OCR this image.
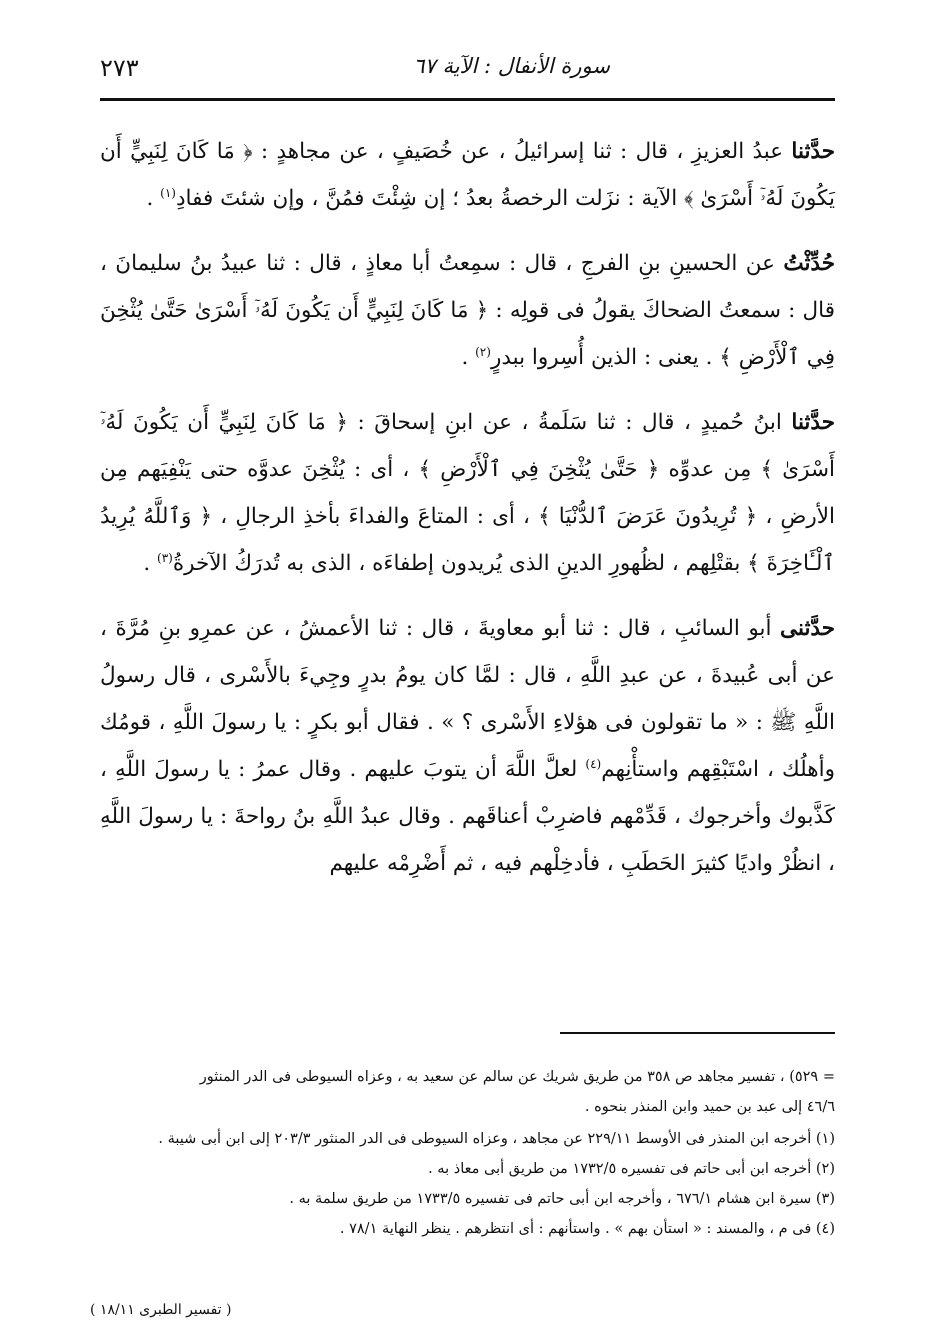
٢٧٣	سورة الأنفال : الآية ٦٧

حدَّثنا عبدُ العزيزِ ، قال : ثنا إسرائيلُ ، عن خُصَيفٍ ، عن مجاهدٍ : ﴿ مَا كَانَ لِنَبِيٍّ أَن يَكُونَ لَهُۥٓ أَسْرَىٰ ﴾ الآية : نزَلت الرخصةُ بعدُ ؛ إن شِئْتَ فمُنَّ ، وإن شئتَ ففادِ$^{(١)}$ .

حُدِّثْتُ عن الحسينِ بنِ الفرجِ ، قال : سمِعتُ أبا معاذٍ ، قال : ثنا عبيدُ بنُ سليمانَ ، قال : سمعتُ الضحاكَ يقولُ فى قولِه : ﴿ مَا كَانَ لِنَبِيٍّ أَن يَكُونَ لَهُۥٓ أَسْرَىٰ حَتَّىٰ يُثْخِنَ فِي ٱلْأَرْضِ ﴾ . يعنى : الذين أُسِروا ببدرٍ$^{(٢)}$ .

حدَّثنا ابنُ حُميدٍ ، قال : ثنا سَلَمةُ ، عن ابنِ إسحاقَ : ﴿ مَا كَانَ لِنَبِيٍّ أَن يَكُونَ لَهُۥٓ أَسْرَىٰ ﴾ مِن عدوِّه ﴿ حَتَّىٰ يُثْخِنَ فِي ٱلْأَرْضِ ﴾ ، أى : يُثْخِنَ عدوَّه حتى يَنْفِيَهم مِن الأرضِ ، ﴿ تُرِيدُونَ عَرَضَ ٱلدُّنْيَا ﴾ ، أى : المتاعَ والفداءَ بأخذِ الرجالِ ، ﴿ وَٱللَّهُ يُرِيدُ ٱلْـَٔاخِرَةَ ﴾ بقتْلِهم ، لظُهورِ الدينِ الذى يُريدون إطفاءَه ، الذى به تُدرَكُ الآخرةُ$^{(٣)}$ .

حدَّثنى أبو السائبِ ، قال : ثنا أبو معاويةَ ، قال : ثنا الأعمشُ ، عن عمرِو بنِ مُرَّةَ ، عن أبى عُبيدةَ ، عن عبدِ اللَّهِ ، قال : لمَّا كان يومُ بدرٍ وجِيءَ بالأَسْرى ، قال رسولُ اللَّهِ ﷺ : « ما تقولون فى هؤلاءِ الأَسْرى ؟ » . فقال أبو بكرٍ : يا رسولَ اللَّهِ ، قومُك وأهلُك ، اسْتَبْقِهم واستأْنِهم$^{(٤)}$ لعلَّ اللَّهَ أن يتوبَ عليهم . وقال عمرُ : يا رسولَ اللَّهِ ، كَذَّبوك وأخرجوك ، قَدِّمْهم فاضرِبْ أعناقَهم . وقال عبدُ اللَّهِ بنُ رواحةَ : يا رسولَ اللَّهِ ، انظُرْ واديًا كثيرَ الحَطَبِ ، فأدخِلْهم فيه ، ثم أَضْرِمْه عليهم

= ٥٢٩) ، تفسير مجاهد ص ٣٥٨ من طريق شريك عن سالم عن سعيد به ، وعزاه السيوطى فى الدر المنثور

٤٦/٦ إلى عبد بن حميد وابن المنذر بنحوه .

(١) أخرجه ابن المنذر فى الأوسط ٢٢٩/١١ عن مجاهد ، وعزاه السيوطى فى الدر المنثور ٢٠٣/٣ إلى ابن أبى شيبة .

(٢) أخرجه ابن أبى حاتم فى تفسيره ١٧٣٢/٥ من طريق أبى معاذ به .

(٣) سيرة ابن هشام ٦٧٦/١ ، وأخرجه ابن أبى حاتم فى تفسيره ١٧٣٣/٥ من طريق سلمة به .

(٤) فى م ، والمسند : « استأن بهم » . واستأنهم : أى انتظرهم . ينظر النهاية ٧٨/١ .

( تفسير الطبرى ١٨/١١ )
